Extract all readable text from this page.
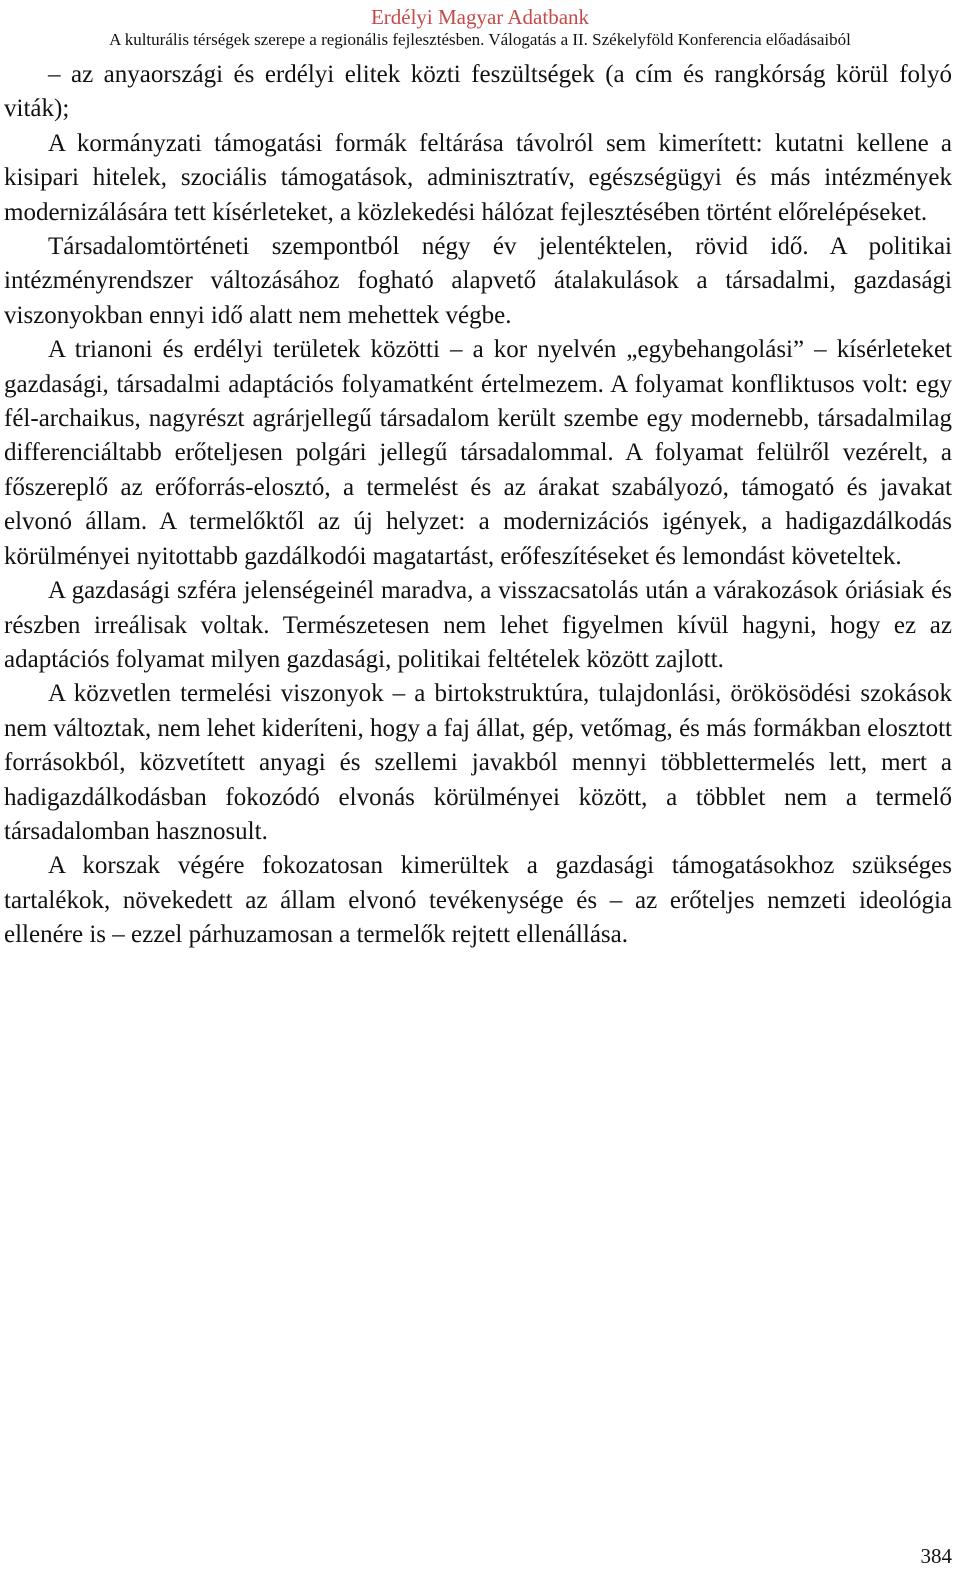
Erdélyi Magyar Adatbank
A kulturális térségek szerepe a regionális fejlesztésben. Válogatás a II. Székelyföld Konferencia előadásaiból

– az anyaországi és erdélyi elitek közti feszültségek (a cím és rangkórság körül folyó viták);

A kormányzati támogatási formák feltárása távolról sem kimerített: kutatni kellene a kisipari hitelek, szociális támogatások, adminisztratív, egészségügyi és más intézmények modernizálására tett kísérleteket, a közlekedési hálózat fejlesztésében történt előrelépéseket.

Társadalomtörténeti szempontból négy év jelentéktelen, rövid idő. A politikai intézményrendszer változásához fogható alapvető átalakulások a társadalmi, gazdasági viszonyokban ennyi idő alatt nem mehettek végbe.

A trianoni és erdélyi területek közötti – a kor nyelvén „egybehangolási” – kísérleteket gazdasági, társadalmi adaptációs folyamatként értelmezem. A folyamat konfliktusos volt: egy fél-archaikus, nagyrészt agrárjellegű társadalom került szembe egy modernebb, társadalmilag differenciáltabb erőteljesen polgári jellegű társadalommal. A folyamat felülről vezérelt, a főszereplő az erőforrás-elosztó, a termelést és az árakat szabályozó, támogató és javakat elvonó állam. A termelőktől az új helyzet: a modernizációs igények, a hadigazdálkodás körülményei nyitottabb gazdálkodói magatartást, erőfeszítéseket és lemondást követeltek.

A gazdasági szféra jelenségeinél maradva, a visszacsatolás után a várakozások óriásiak és részben irreálisak voltak. Természetesen nem lehet figyelmen kívül hagyni, hogy ez az adaptációs folyamat milyen gazdasági, politikai feltételek között zajlott.

A közvetlen termelési viszonyok – a birtokstruktúra, tulajdonlási, örökösödési szokások nem változtak, nem lehet kideríteni, hogy a faj állat, gép, vetőmag, és más formákban elosztott forrásokból, közvetített anyagi és szellemi javakból mennyi többlettermelés lett, mert a hadigazdálkodásban fokozódó elvonás körülményei között, a többlet nem a termelő társadalomban hasznosult.

A korszak végére fokozatosan kimerültek a gazdasági támogatásokhoz szükséges tartalékok, növekedett az állam elvonó tevékenysége és – az erőteljes nemzeti ideológia ellenére is – ezzel párhuzamosan a termelők rejtett ellenállása.

384
